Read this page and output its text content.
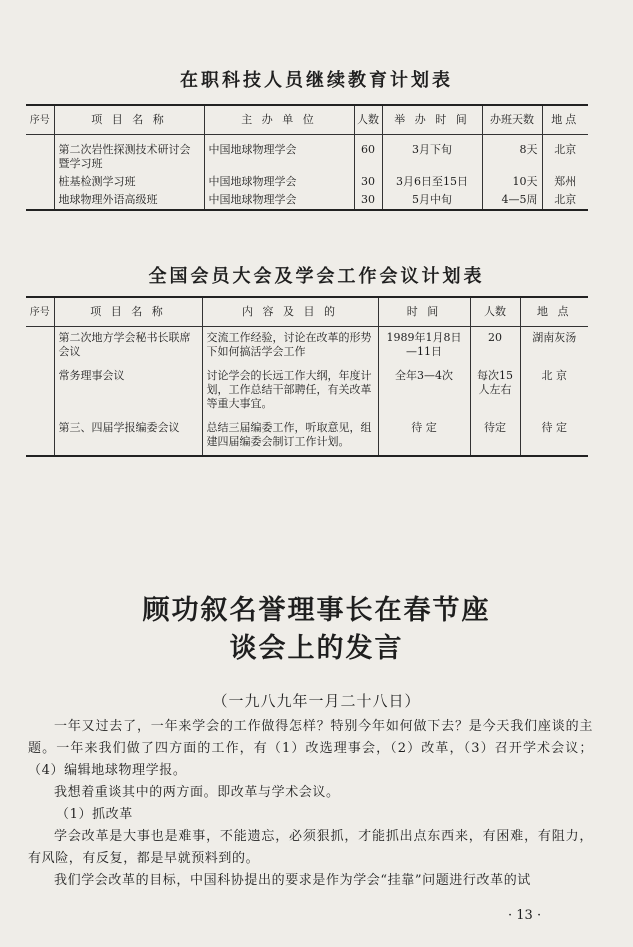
在职科技人员继续教育计划表
序号	项 目 名 称	主 办 单 位	人数	举 办 时 间	办班天数	地点
	第二次岩性探测技术研讨会暨学习班	中国地球物理学会	60	3月下旬	8天	北京
	桩基检测学习班	中国地球物理学会	30	3月6日至15日	10天	郑州
	地球物理外语高级班	中国地球物理学会	30	5月中旬	4—5周	北京
全国会员大会及学会工作会议计划表
序号	项 目 名 称	内 容 及 目 的	时 间	人数	地 点
	第二次地方学会秘书长联席会议	交流工作经验，讨论在改革的形势下如何搞活学会工作	1989年1月8日—11日	20	湖南灰汤
	常务理事会议	讨论学会的长远工作大纲，年度计划，工作总结干部聘任，有关改革等重大事宜。	全年3—4次	每次15人左右	北 京
	第三、四届学报编委会议	总结三届编委工作，听取意见，组建四届编委会制订工作计划。	待 定	待定	待 定
顾功叙名誉理事长在春节座
谈会上的发言
（一九八九年一月二十八日）
一年又过去了，一年来学会的工作做得怎样？特别今年如何做下去？是今天我们座谈的主题。一年来我们做了四方面的工作，有（1）改选理事会，（2）改革，（3）召开学术会议；（4）编辑地球物理学报。
我想着重谈其中的两方面。即改革与学术会议。
（1）抓改革
学会改革是大事也是难事，不能遗忘，必须狠抓，才能抓出点东西来，有困难，有阻力，有风险，有反复，都是早就预料到的。
我们学会改革的目标，中国科协提出的要求是作为学会“挂靠”问题进行改革的试
· 13 ·
